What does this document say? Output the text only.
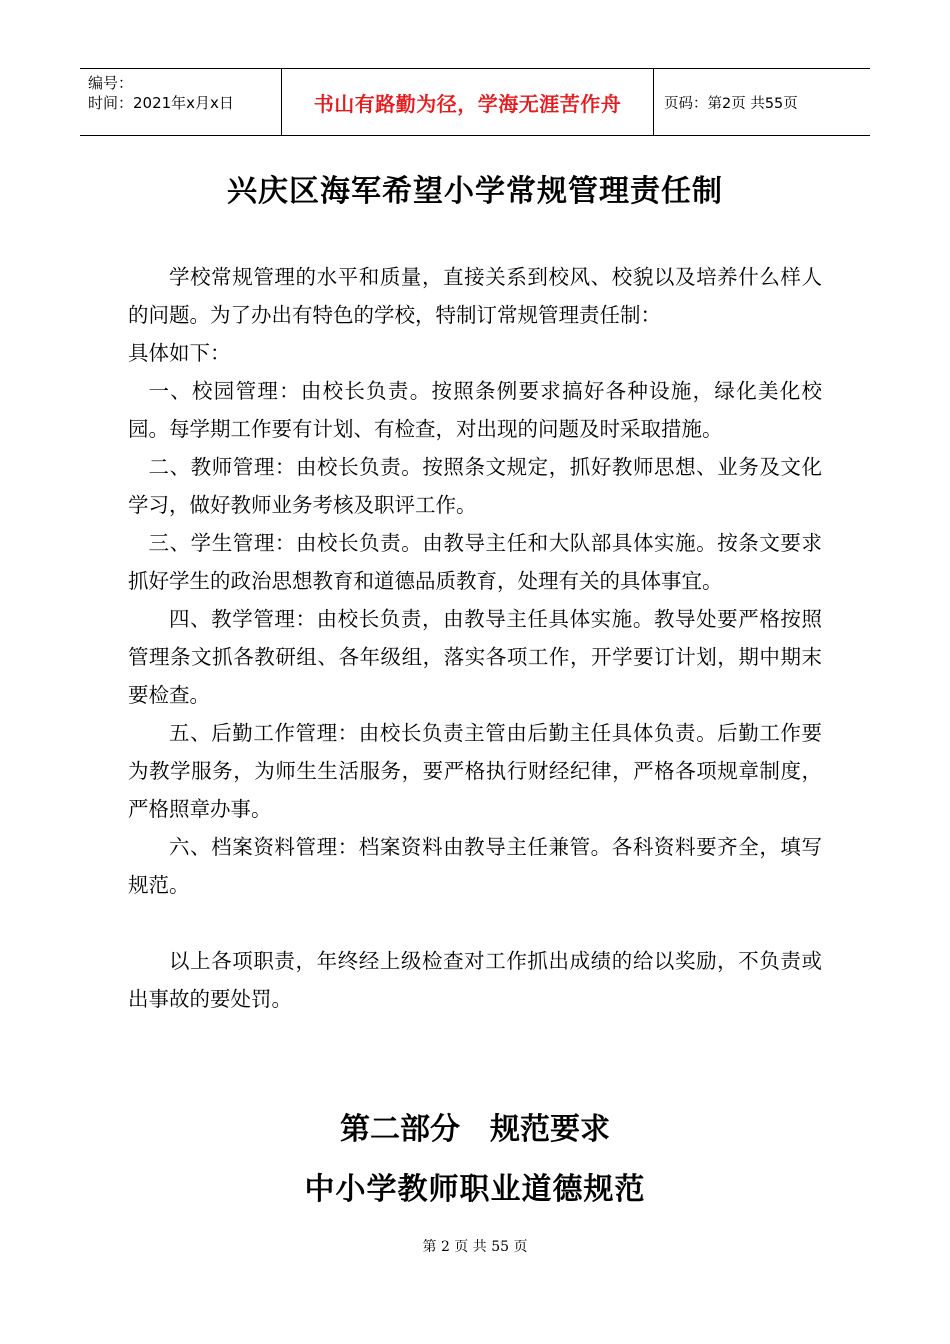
编号：
时间：2021年x月x日	书山有路勤为径，学海无涯苦作舟	页码：第2页 共55页
兴庆区海军希望小学常规管理责任制

学校常规管理的水平和质量，直接关系到校风、校貌以及培养什么样人的问题。为了办出有特色的学校，特制订常规管理责任制：

具体如下：

一、校园管理：由校长负责。按照条例要求搞好各种设施，绿化美化校园。每学期工作要有计划、有检查，对出现的问题及时采取措施。

二、教师管理：由校长负责。按照条文规定，抓好教师思想、业务及文化学习，做好教师业务考核及职评工作。

三、学生管理：由校长负责。由教导主任和大队部具体实施。按条文要求抓好学生的政治思想教育和道德品质教育，处理有关的具体事宜。

四、教学管理：由校长负责，由教导主任具体实施。教导处要严格按照管理条文抓各教研组、各年级组，落实各项工作，开学要订计划，期中期末要检查。

五、后勤工作管理：由校长负责主管由后勤主任具体负责。后勤工作要为教学服务，为师生生活服务，要严格执行财经纪律，严格各项规章制度，严格照章办事。

六、档案资料管理：档案资料由教导主任兼管。各科资料要齐全，填写规范。

以上各项职责，年终经上级检查对工作抓出成绩的给以奖励，不负责或出事故的要处罚。

第二部分　规范要求
中小学教师职业道德规范
第 2 页 共 55 页
